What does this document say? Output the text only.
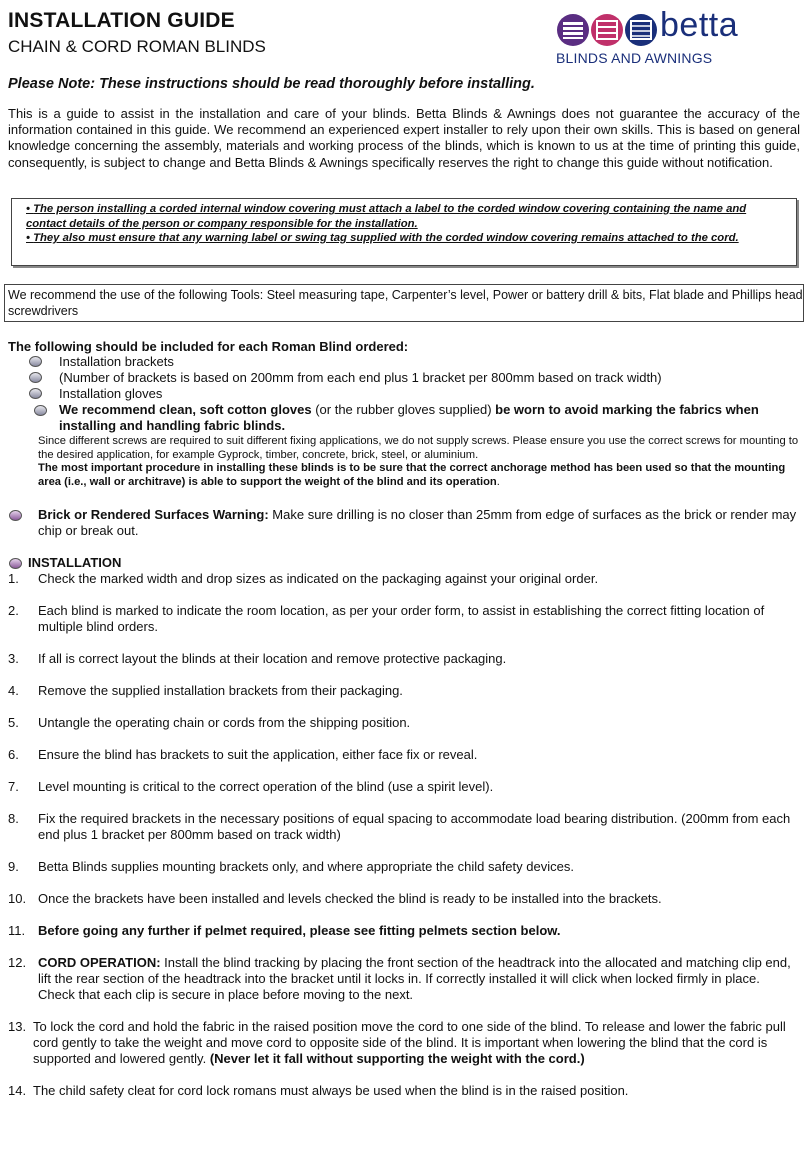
INSTALLATION GUIDE
CHAIN & CORD ROMAN BLINDS
betta
BLINDS AND AWNINGS
Please Note: These instructions should be read thoroughly before installing.
This is a guide to assist in the installation and care of your blinds. Betta Blinds & Awnings does not guarantee the accuracy of the information contained in this guide. We recommend an experienced expert installer to rely upon their own skills. This is based on general knowledge concerning the assembly, materials and working process of the blinds, which is known to us at the time of printing this guide, consequently, is subject to change and Betta Blinds & Awnings specifically reserves the right to change this guide without notification.

• The person installing a corded internal window covering must attach a label to the corded window covering containing the name and contact details of the person or company responsible for the installation.

• They also must ensure that any warning label or swing tag supplied with the corded window covering remains attached to the cord.

We recommend the use of the following Tools: Steel measuring tape, Carpenter’s level, Power or battery drill & bits, Flat blade and Phillips head screwdrivers

The following should be included for each Roman Blind ordered:
Installation brackets
(Number of brackets is based on 200mm from each end plus 1 bracket per 800mm based on track width)
Installation gloves
We recommend clean, soft cotton gloves (or the rubber gloves supplied) be worn to avoid marking the fabrics when installing and handling fabric blinds.
Since different screws are required to suit different fixing applications, we do not supply screws. Please ensure you use the correct screws for mounting to the desired application, for example Gyprock, timber, concrete, brick, steel, or aluminium.
The most important procedure in installing these blinds is to be sure that the correct anchorage method has been used so that the mounting area (i.e., wall or architrave) is able to support the weight of the blind and its operation.
Brick or Rendered Surfaces Warning: Make sure drilling is no closer than 25mm from edge of surfaces as the brick or render may chip or break out.
INSTALLATION
1. Check the marked width and drop sizes as indicated on the packaging against your original order.
2. Each blind is marked to indicate the room location, as per your order form, to assist in establishing the correct fitting location of multiple blind orders.
3. If all is correct layout the blinds at their location and remove protective packaging.
4. Remove the supplied installation brackets from their packaging.
5. Untangle the operating chain or cords from the shipping position.
6. Ensure the blind has brackets to suit the application, either face fix or reveal.
7. Level mounting is critical to the correct operation of the blind (use a spirit level).
8. Fix the required brackets in the necessary positions of equal spacing to accommodate load bearing distribution. (200mm from each end plus 1 bracket per 800mm based on track width)
9. Betta Blinds supplies mounting brackets only, and where appropriate the child safety devices.
10. Once the brackets have been installed and levels checked the blind is ready to be installed into the brackets.
11. Before going any further if pelmet required, please see fitting pelmets section below.
12. CORD OPERATION: Install the blind tracking by placing the front section of the headtrack into the allocated and matching clip end, lift the rear section of the headtrack into the bracket until it locks in. If correctly installed it will click when locked firmly in place. Check that each clip is secure in place before moving to the next.
13. To lock the cord and hold the fabric in the raised position move the cord to one side of the blind. To release and lower the fabric pull cord gently to take the weight and move cord to opposite side of the blind. It is important when lowering the blind that the cord is supported and lowered gently. (Never let it fall without supporting the weight with the cord.)
14. The child safety cleat for cord lock romans must always be used when the blind is in the raised position.
